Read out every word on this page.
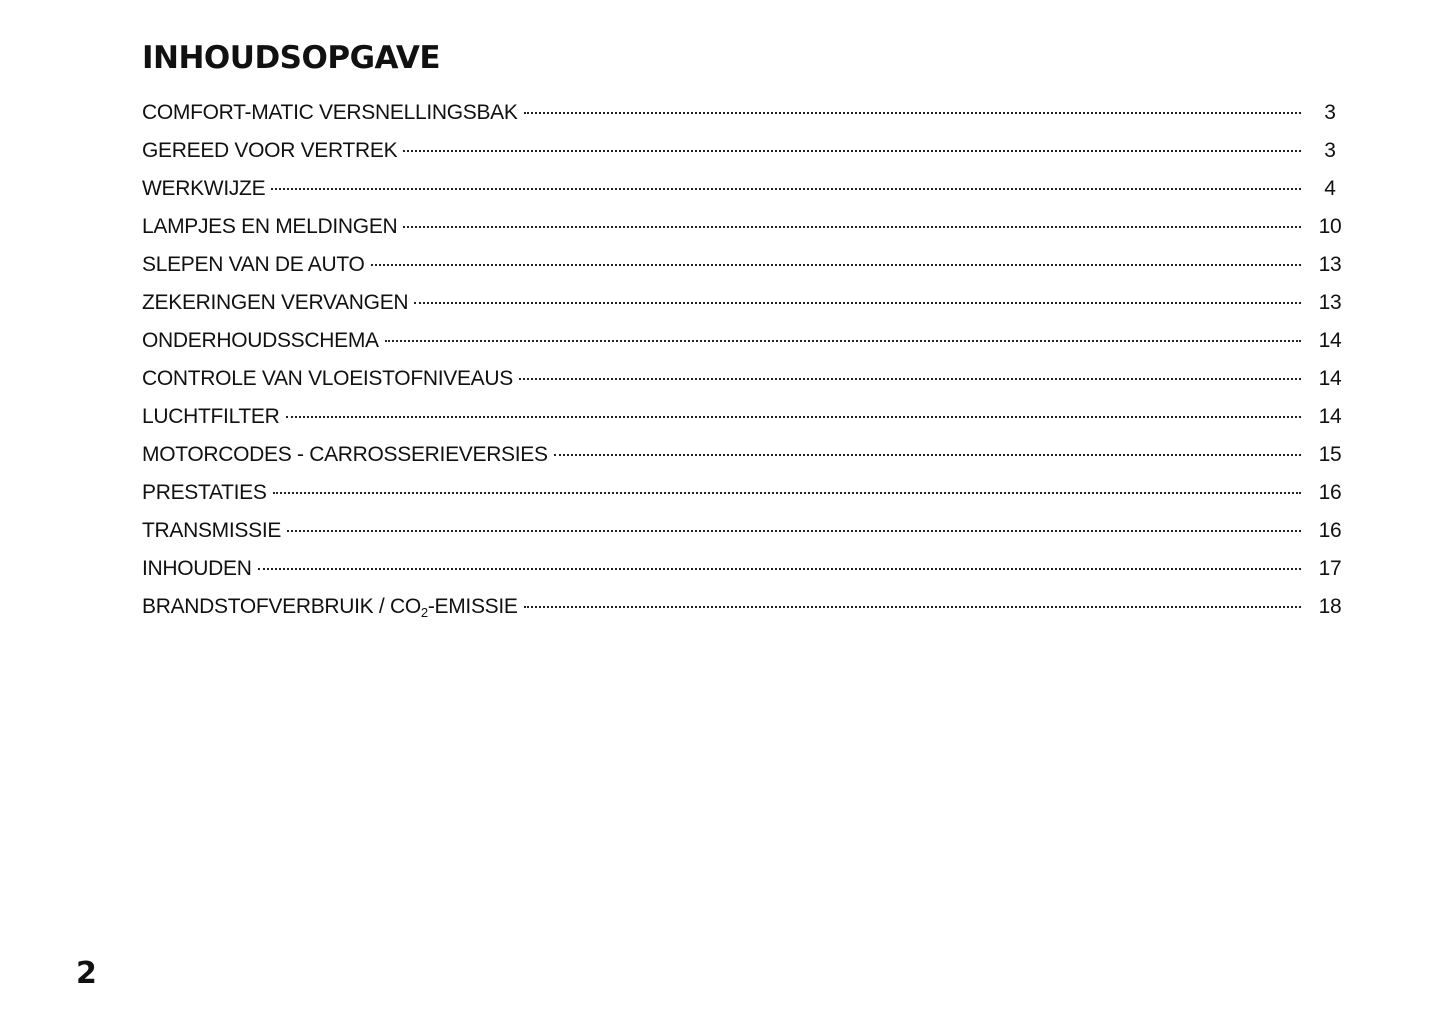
INHOUDSOPGAVE
COMFORT-MATIC VERSNELLINGSBAK	3
GEREED VOOR VERTREK	3
WERKWIJZE	4
LAMPJES EN MELDINGEN	10
SLEPEN VAN DE AUTO	13
ZEKERINGEN VERVANGEN	13
ONDERHOUDSSCHEMA	14
CONTROLE VAN VLOEISTOFNIVEAUS	14
LUCHTFILTER	14
MOTORCODES - CARROSSERIEVERSIES	15
PRESTATIES	16
TRANSMISSIE	16
INHOUDEN	17
BRANDSTOFVERBRUIK / $CO_2$-EMISSIE	18
2
